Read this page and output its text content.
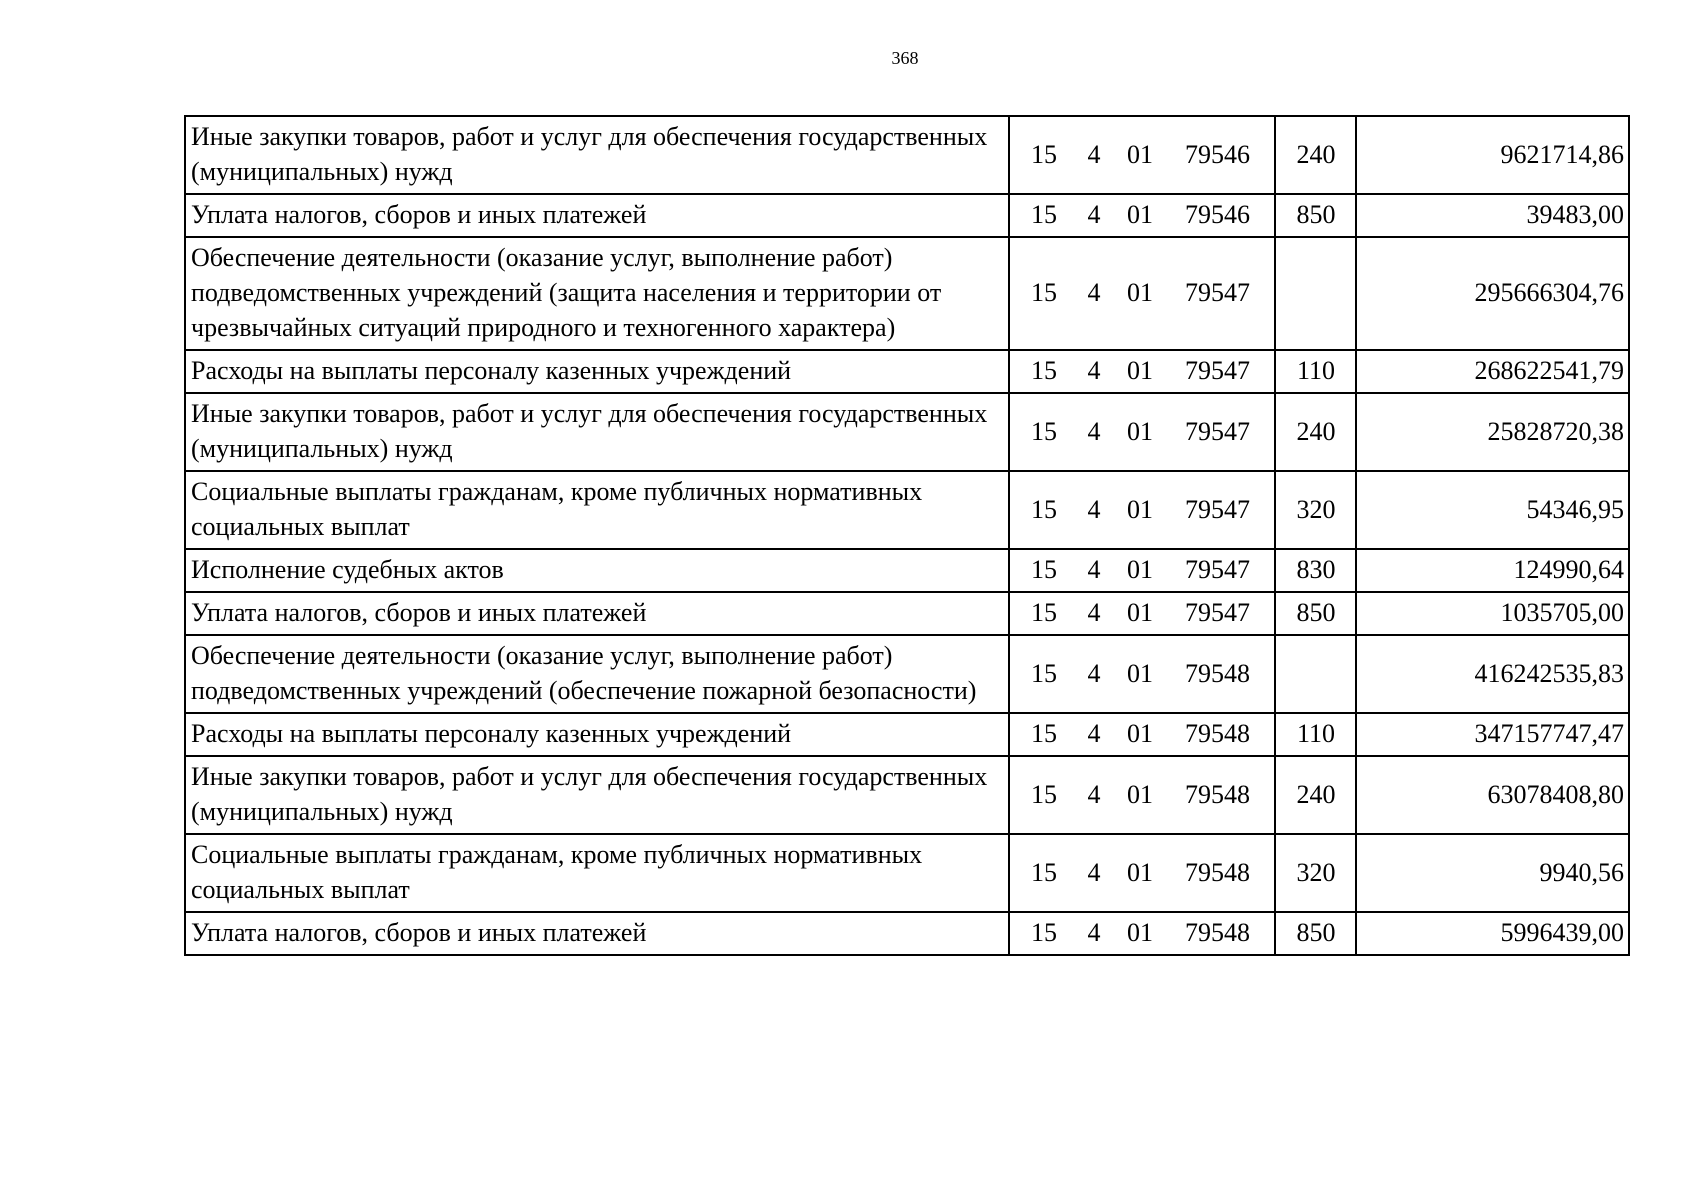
368
Иные закупки товаров, работ и услуг для обеспечения государственных (муниципальных) нужд	15 4 01 79546	240	9621714,86
Уплата налогов, сборов и иных платежей	15 4 01 79546	850	39483,00
Обеспечение деятельности (оказание услуг, выполнение работ) подведомственных учреждений (защита населения и территории от чрезвычайных ситуаций природного и техногенного характера)	15 4 01 79547		295666304,76
Расходы на выплаты персоналу казенных учреждений	15 4 01 79547	110	268622541,79
Иные закупки товаров, работ и услуг для обеспечения государственных (муниципальных) нужд	15 4 01 79547	240	25828720,38
Социальные выплаты гражданам, кроме публичных нормативных социальных выплат	15 4 01 79547	320	54346,95
Исполнение судебных актов	15 4 01 79547	830	124990,64
Уплата налогов, сборов и иных платежей	15 4 01 79547	850	1035705,00
Обеспечение деятельности (оказание услуг, выполнение работ) подведомственных учреждений (обеспечение пожарной безопасности)	15 4 01 79548		416242535,83
Расходы на выплаты персоналу казенных учреждений	15 4 01 79548	110	347157747,47
Иные закупки товаров, работ и услуг для обеспечения государственных (муниципальных) нужд	15 4 01 79548	240	63078408,80
Социальные выплаты гражданам, кроме публичных нормативных социальных выплат	15 4 01 79548	320	9940,56
Уплата налогов, сборов и иных платежей	15 4 01 79548	850	5996439,00
